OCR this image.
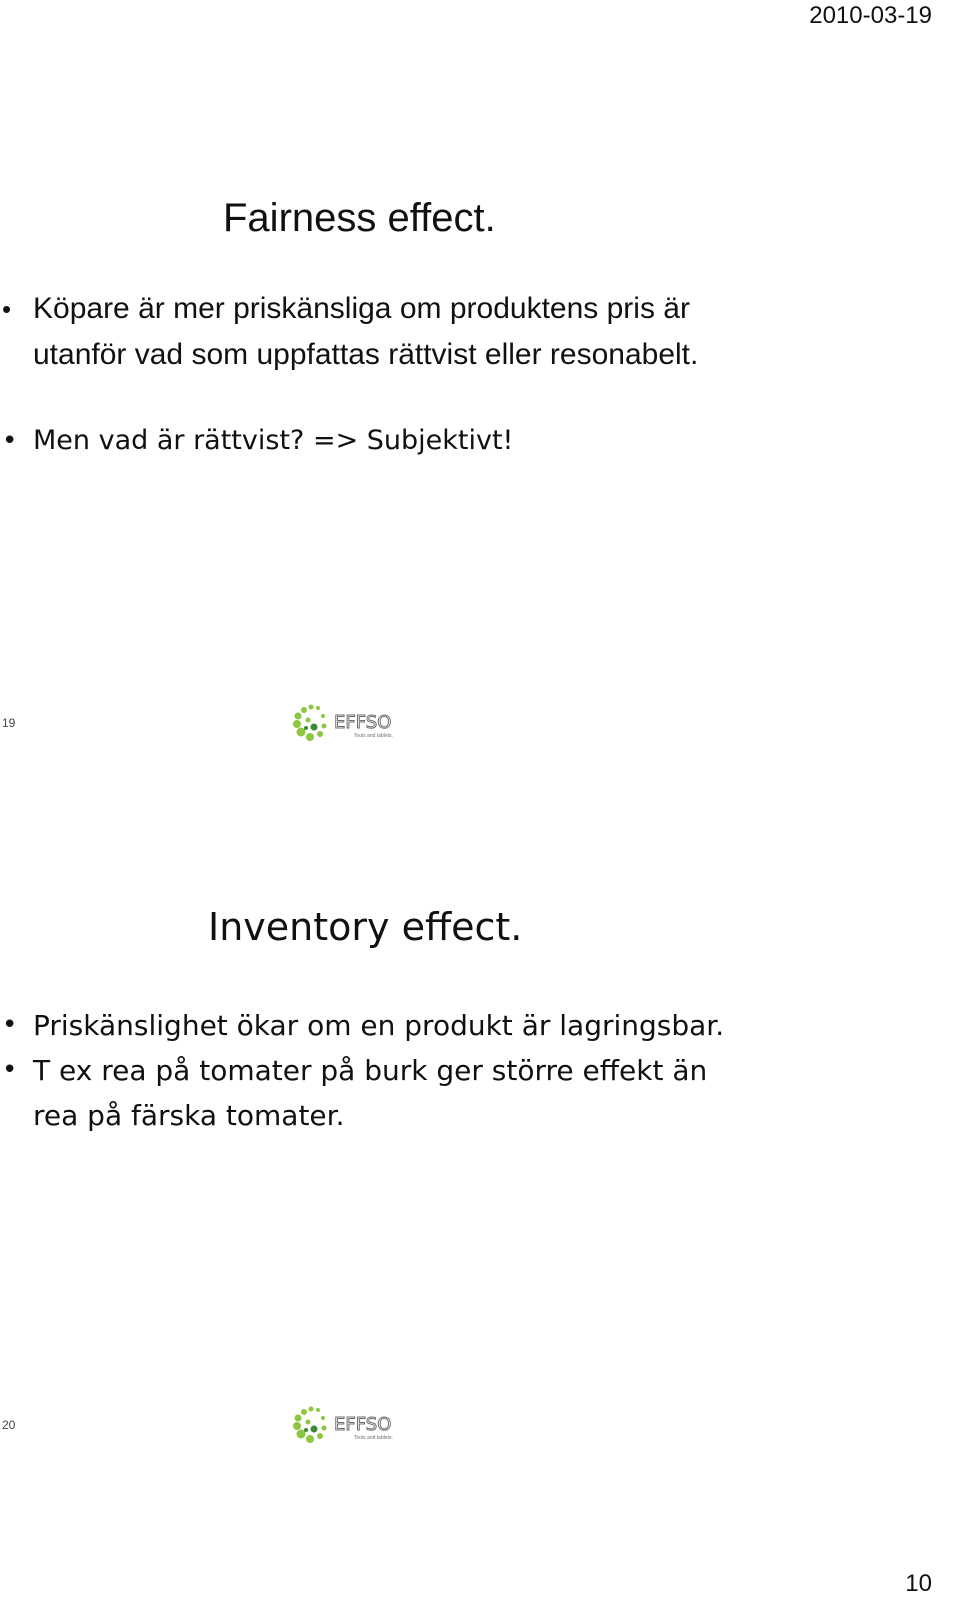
2010-03-19
Fairness effect.
• Köpare är mer priskänsliga om produktens pris är utanför vad som uppfattas rättvist eller resonabelt.
• Men vad är rättvist? => Subjektivt!
19	EFFSO
Tools and tablets.
Inventory effect.
• Priskänslighet ökar om en produkt är lagringsbar.
• T ex rea på tomater på burk ger större effekt än rea på färska tomater.
20	EFFSO
Tools and tablets.
10
